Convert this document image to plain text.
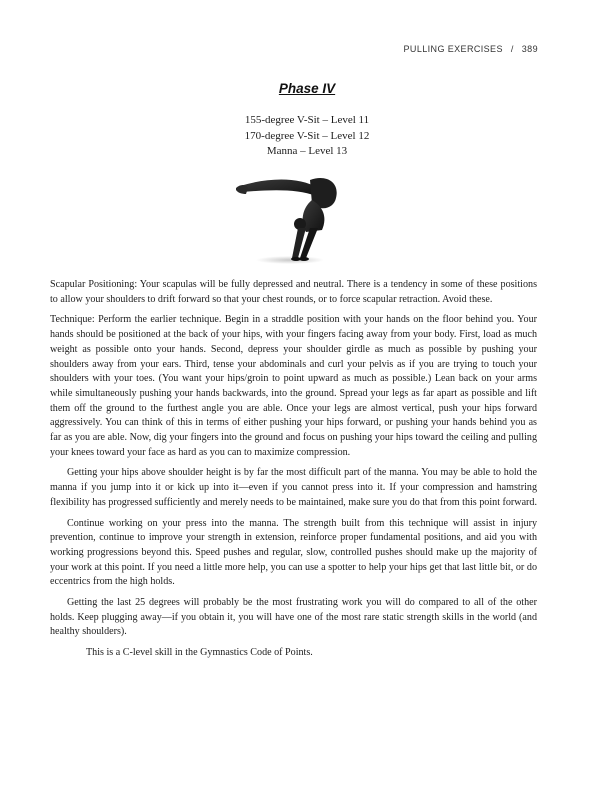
PULLING EXERCISES / 389
Phase IV
155-degree V-Sit – Level 11
170-degree V-Sit – Level 12
Manna – Level 13

Scapular Positioning: Your scapulas will be fully depressed and neutral. There is a tendency in some of these positions to allow your shoulders to drift forward so that your chest rounds, or to force scapular retraction. Avoid these.

Technique: Perform the earlier technique. Begin in a straddle position with your hands on the floor behind you. Your hands should be positioned at the back of your hips, with your fingers facing away from your body. First, load as much weight as possible onto your hands. Second, depress your shoulder girdle as much as possible by pushing your shoulders away from your ears. Third, tense your abdominals and curl your pelvis as if you are trying to touch your shoulders with your toes. (You want your hips/groin to point upward as much as possible.) Lean back on your arms while simultaneously pushing your hands backwards, into the ground. Spread your legs as far apart as possible and lift them off the ground to the furthest angle you are able. Once your legs are almost vertical, push your hips forward aggressively. You can think of this in terms of either pushing your hips forward, or pushing your hands behind you as far as you are able. Now, dig your fingers into the ground and focus on pushing your hips toward the ceiling and pulling your knees toward your face as hard as you can to maximize compression.

Getting your hips above shoulder height is by far the most difficult part of the manna. You may be able to hold the manna if you jump into it or kick up into it—even if you cannot press into it. If your compression and hamstring flexibility has progressed sufficiently and merely needs to be maintained, make sure you do that from this point forward.

Continue working on your press into the manna. The strength built from this technique will assist in injury prevention, continue to improve your strength in extension, reinforce proper fundamental positions, and aid you with working progressions beyond this. Speed pushes and regular, slow, controlled pushes should make up the majority of your work at this point. If you need a little more help, you can use a spotter to help your hips get that last little bit, or do eccentrics from the high holds.

Getting the last 25 degrees will probably be the most frustrating work you will do compared to all of the other holds. Keep plugging away—if you obtain it, you will have one of the most rare static strength skills in the world (and healthy shoulders).

This is a C-level skill in the Gymnastics Code of Points.
